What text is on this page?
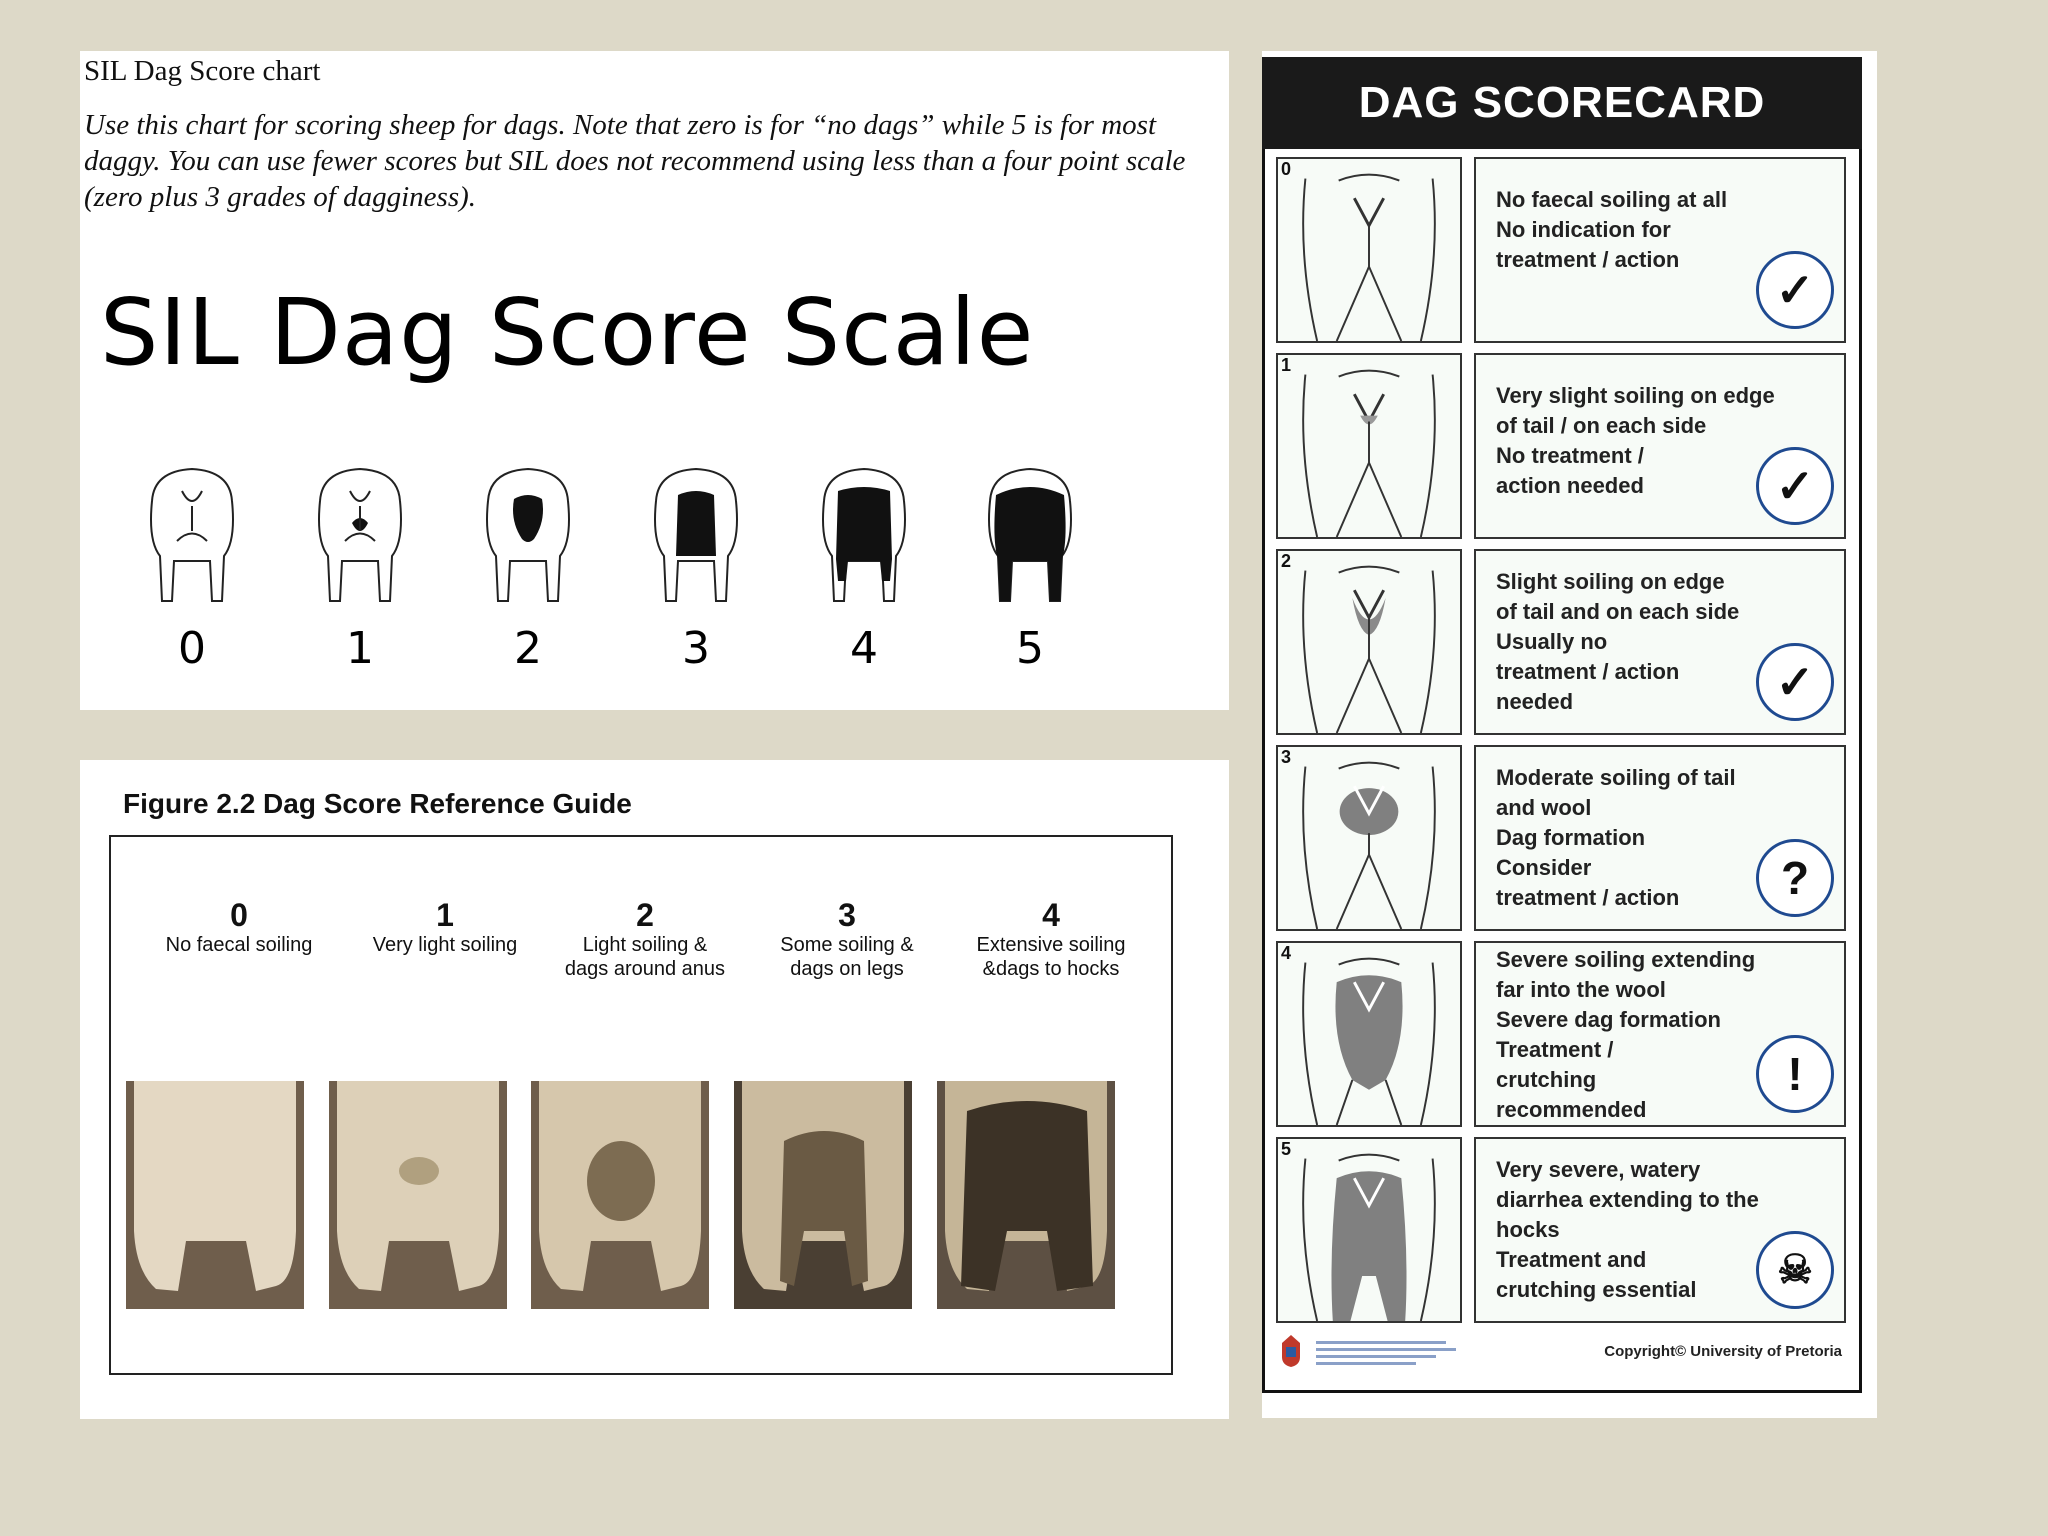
SIL Dag Score chart
Use this chart for scoring sheep for dags. Note that zero is for “no dags” while 5 is for most daggy. You can use fewer scores but SIL does not recommend using less than a four point scale (zero plus 3 grades of dagginess).
SIL Dag Score Scale
0	1	2	3	4	5
Figure 2.2 Dag Score Reference Guide
0
No faecal soiling
1
Very light soiling
2
Light soiling &
dags around anus
3
Some soiling &
dags on legs
4
Extensive soiling
&dags to hocks
DAG SCORECARD
0
No faecal soiling at all
No indication for
treatment / action
✓
1
Very slight soiling on edge
of tail / on each side
No treatment /
action needed	✓
2
Slight soiling on edge
of tail and on each side
Usually no
treatment / action
needed	✓
3
Moderate soiling of tail
and wool
Dag formation
Consider
treatment / action	?
4	Severe soiling extending
far into the wool
Severe dag formation
Treatment /
crutching
recommended
!
5
Very severe, watery
diarrhea extending to the
hocks
Treatment and
crutching essential	☠
Copyright© University of Pretoria
